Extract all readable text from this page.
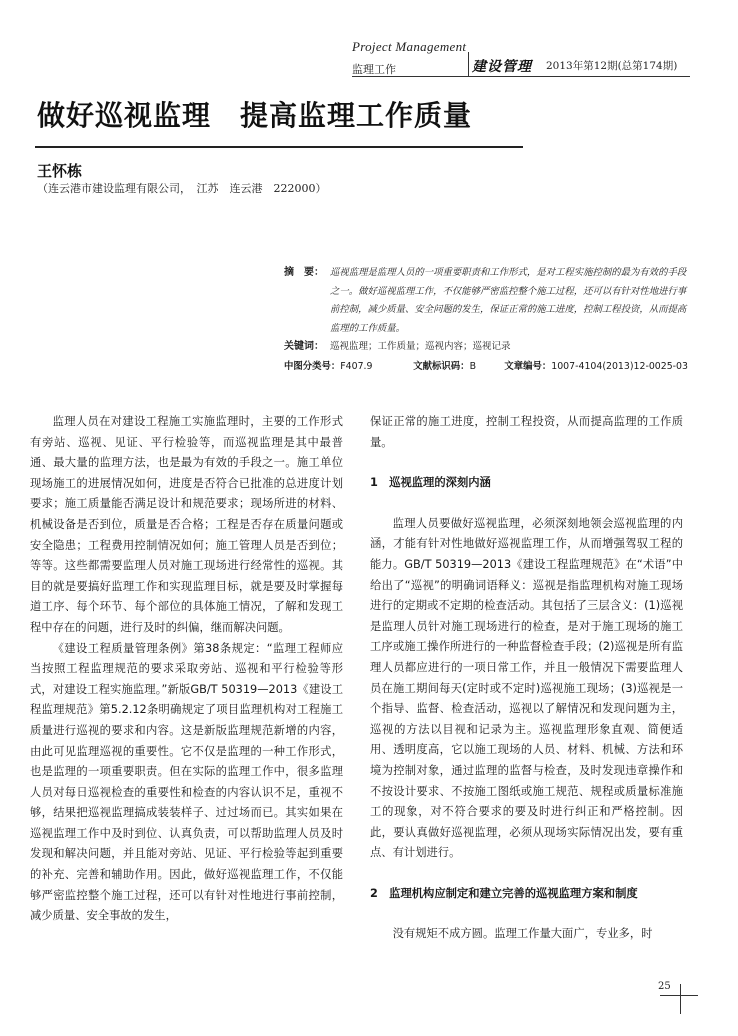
Project Management
监理工作	建设管理 2013年第12期(总第174期)
做好巡视监理　提高监理工作质量
王怀栋
（连云港市建设监理有限公司，　江苏　连云港　222000）
摘　要： 巡视监理是监理人员的一项重要职责和工作形式，是对工程实施控制的最为有效的手段之一。做好巡视监理工作，不仅能够严密监控整个施工过程，还可以有针对性地进行事前控制，减少质量、安全问题的发生，保证正常的施工进度，控制工程投资，从而提高监理的工作质量。
关键词： 巡视监理；工作质量；巡视内容；巡视记录
中图分类号：F407.9	文献标识码：B	文章编号：1007-4104(2013)12-0025-03

监理人员在对建设工程施工实施监理时，主要的工作形式有旁站、巡视、见证、平行检验等，而巡视监理是其中最普通、最大量的监理方法，也是最为有效的手段之一。施工单位现场施工的进展情况如何，进度是否符合已批准的总进度计划要求；施工质量能否满足设计和规范要求；现场所进的材料、机械设备是否到位，质量是否合格；工程是否存在质量问题或安全隐患；工程费用控制情况如何；施工管理人员是否到位；等等。这些都需要监理人员对施工现场进行经常性的巡视。其目的就是要搞好监理工作和实现监理目标，就是要及时掌握每道工序、每个环节、每个部位的具体施工情况，了解和发现工程中存在的问题，进行及时的纠偏，继而解决问题。

《建设工程质量管理条例》第38条规定：“监理工程师应当按照工程监理规范的要求采取旁站、巡视和平行检验等形式，对建设工程实施监理。”新版GB/T 50319—2013《建设工程监理规范》第5.2.12条明确规定了项目监理机构对工程施工质量进行巡视的要求和内容。这是新版监理规范新增的内容，由此可见监理巡视的重要性。它不仅是监理的一种工作形式，也是监理的一项重要职责。但在实际的监理工作中，很多监理人员对每日巡视检查的重要性和检查的内容认识不足，重视不够，结果把巡视监理搞成装装样子、过过场而已。其实如果在巡视监理工作中及时到位、认真负责，可以帮助监理人员及时发现和解决问题，并且能对旁站、见证、平行检验等起到重要的补充、完善和辅助作用。因此，做好巡视监理工作，不仅能够严密监控整个施工过程，还可以有针对性地进行事前控制，减少质量、安全事故的发生，

保证正常的施工进度，控制工程投资，从而提高监理的工作质量。

1　巡视监理的深刻内涵

监理人员要做好巡视监理，必须深刻地领会巡视监理的内涵，才能有针对性地做好巡视监理工作，从而增强驾驭工程的能力。GB/T 50319—2013《建设工程监理规范》在“术语”中给出了“巡视”的明确词语释义：巡视是指监理机构对施工现场进行的定期或不定期的检查活动。其包括了三层含义：(1)巡视是监理人员针对施工现场进行的检查，是对于施工现场的施工工序或施工操作所进行的一种监督检查手段；(2)巡视是所有监理人员都应进行的一项日常工作，并且一般情况下需要监理人员在施工期间每天(定时或不定时)巡视施工现场；(3)巡视是一个指导、监督、检查活动，巡视以了解情况和发现问题为主，巡视的方法以目视和记录为主。巡视监理形象直观、简便适用、透明度高，它以施工现场的人员、材料、机械、方法和环境为控制对象，通过监理的监督与检查，及时发现违章操作和不按设计要求、不按施工图纸或施工规范、规程或质量标准施工的现象，对不符合要求的要及时进行纠正和严格控制。因此，要认真做好巡视监理，必须从现场实际情况出发，要有重点、有计划进行。

2　监理机构应制定和建立完善的巡视监理方案和制度

没有规矩不成方圆。监理工作量大面广，专业多，时

25
